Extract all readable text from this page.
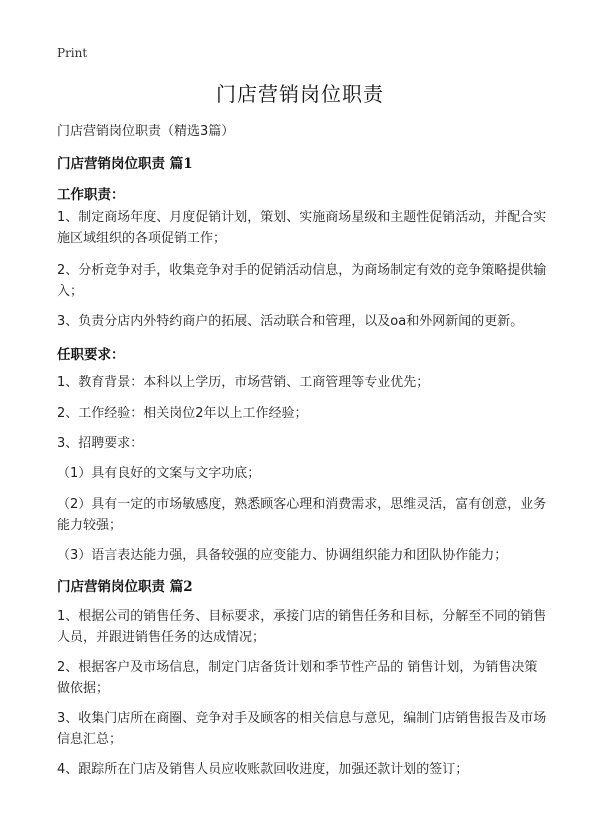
Print
门店营销岗位职责
门店营销岗位职责（精选3篇）
门店营销岗位职责 篇1
工作职责：
1、制定商场年度、月度促销计划，策划、实施商场星级和主题性促销活动，并配合实施区域组织的各项促销工作；
2、分析竞争对手，收集竞争对手的促销活动信息，为商场制定有效的竞争策略提供输入；
3、负责分店内外特约商户的拓展、活动联合和管理，以及oa和外网新闻的更新。
任职要求：
1、教育背景：本科以上学历，市场营销、工商管理等专业优先；
2、工作经验：相关岗位2年以上工作经验；
3、招聘要求：
（1）具有良好的文案与文字功底；
（2）具有一定的市场敏感度，熟悉顾客心理和消费需求，思维灵活，富有创意，业务能力较强；
（3）语言表达能力强，具备较强的应变能力、协调组织能力和团队协作能力；
门店营销岗位职责 篇2
1、根据公司的销售任务、目标要求，承接门店的销售任务和目标，分解至不同的销售人员，并跟进销售任务的达成情况；
2、根据客户及市场信息，制定门店备货计划和季节性产品的 销售计划，为销售决策做依据；
3、收集门店所在商圈、竞争对手及顾客的相关信息与意见，编制门店销售报告及市场信息汇总；
4、跟踪所在门店及销售人员应收账款回收进度，加强还款计划的签订；
